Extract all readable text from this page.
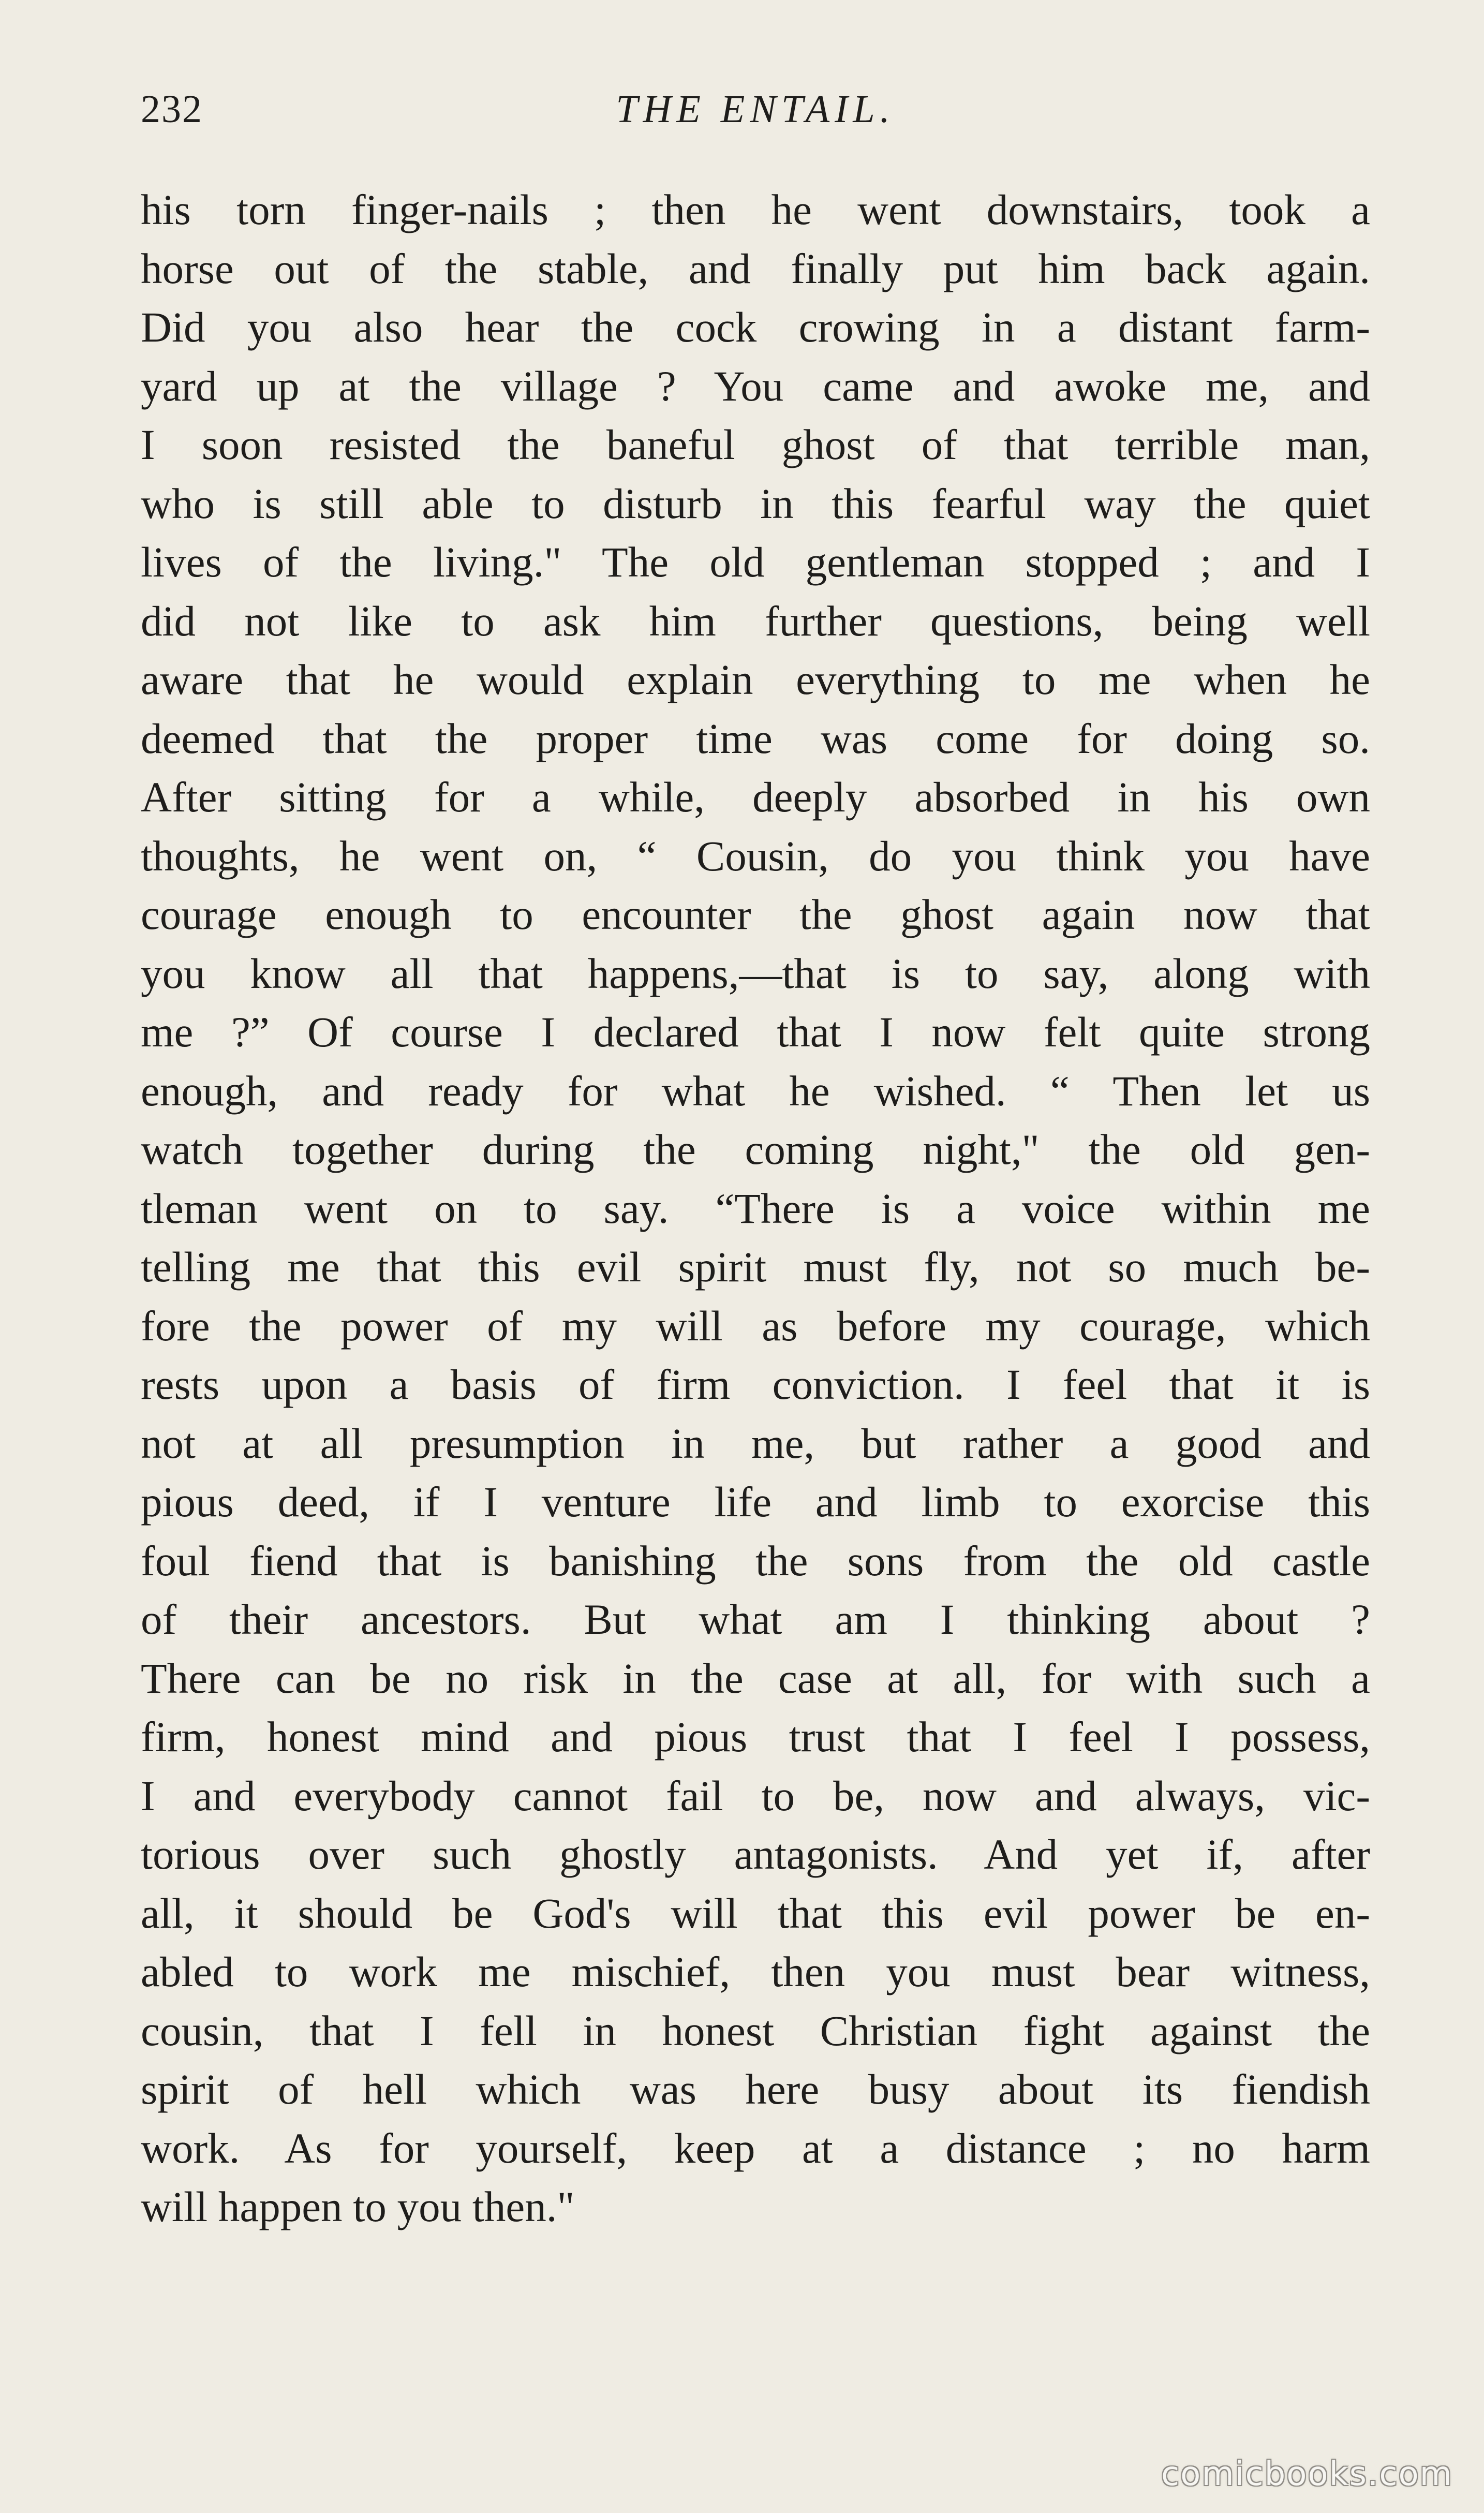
232	THE ENTAIL.
his torn finger-nails ; then he went downstairs, took a
horse out of the stable, and finally put him back again.
Did you also hear the cock crowing in a distant farm-
yard up at the village ? You came and awoke me, and
I soon resisted the baneful ghost of that terrible man,
who is still able to disturb in this fearful way the quiet
lives of the living." The old gentleman stopped ; and I
did not like to ask him further questions, being well
aware that he would explain everything to me when he
deemed that the proper time was come for doing so.
After sitting for a while, deeply absorbed in his own
thoughts, he went on, “ Cousin, do you think you have
courage enough to encounter the ghost again now that
you know all that happens,—that is to say, along with
me ?” Of course I declared that I now felt quite strong
enough, and ready for what he wished. “ Then let us
watch together during the coming night," the old gen-
tleman went on to say. “There is a voice within me
telling me that this evil spirit must fly, not so much be-
fore the power of my will as before my courage, which
rests upon a basis of firm conviction. I feel that it is
not at all presumption in me, but rather a good and
pious deed, if I venture life and limb to exorcise this
foul fiend that is banishing the sons from the old castle
of their ancestors. But what am I thinking about ?
There can be no risk in the case at all, for with such a
firm, honest mind and pious trust that I feel I possess,
I and everybody cannot fail to be, now and always, vic-
torious over such ghostly antagonists. And yet if, after
all, it should be God's will that this evil power be en-
abled to work me mischief, then you must bear witness,
cousin, that I fell in honest Christian fight against the
spirit of hell which was here busy about its fiendish
work. As for yourself, keep at a distance ; no harm
will happen to you then."
comicbooks.com
